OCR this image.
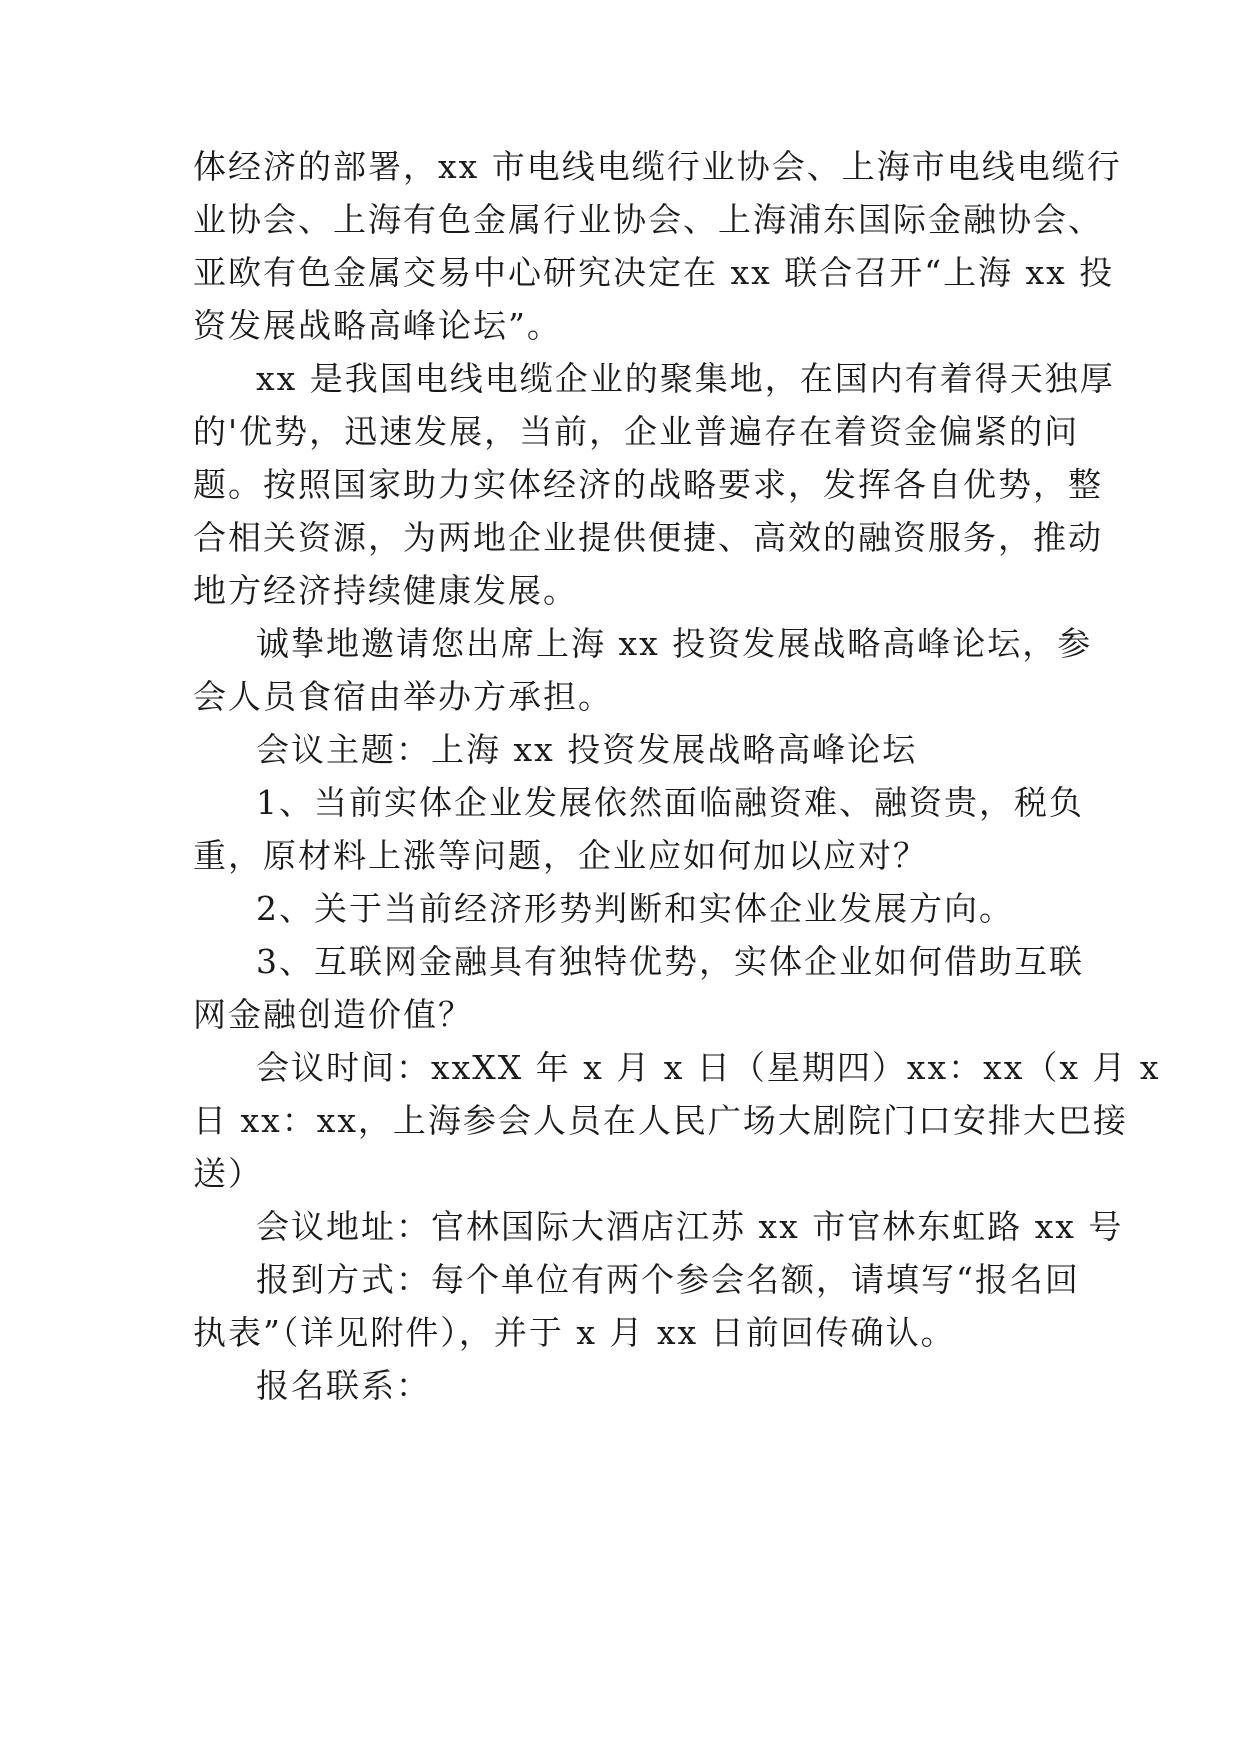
体经济的部署，xx 市电线电缆行业协会、上海市电线电缆行
业协会、上海有色金属行业协会、上海浦东国际金融协会、
亚欧有色金属交易中心研究决定在 xx 联合召开“上海 xx 投
资发展战略高峰论坛”。
xx 是我国电线电缆企业的聚集地，在国内有着得天独厚
的'优势，迅速发展，当前，企业普遍存在着资金偏紧的问
题。按照国家助力实体经济的战略要求，发挥各自优势，整
合相关资源，为两地企业提供便捷、高效的融资服务，推动
地方经济持续健康发展。
诚挚地邀请您出席上海 xx 投资发展战略高峰论坛，参
会人员食宿由举办方承担。
会议主题：上海 xx 投资发展战略高峰论坛
1、当前实体企业发展依然面临融资难、融资贵，税负
重，原材料上涨等问题，企业应如何加以应对？
2、关于当前经济形势判断和实体企业发展方向。
3、互联网金融具有独特优势，实体企业如何借助互联
网金融创造价值？
会议时间：xxXX 年 x 月 x 日（星期四）xx：xx（x 月 x
日 xx：xx，上海参会人员在人民广场大剧院门口安排大巴接
送）
会议地址：官林国际大酒店江苏 xx 市官林东虹路 xx 号
报到方式：每个单位有两个参会名额，请填写“报名回
执表”（详见附件），并于 x 月 xx 日前回传确认。
报名联系：
